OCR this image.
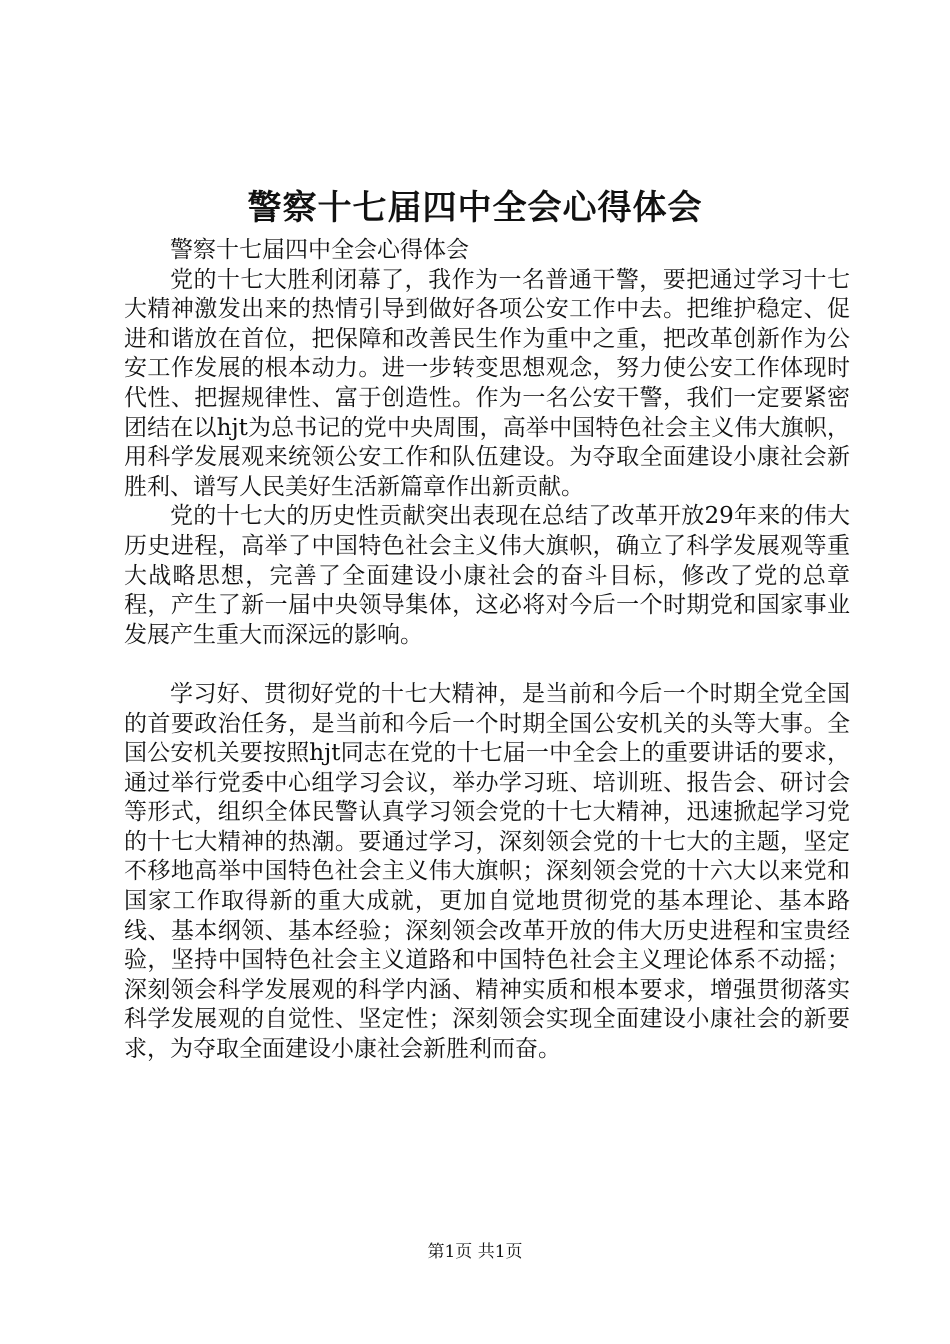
警察十七届四中全会心得体会

警察十七届四中全会心得体会

党的十七大胜利闭幕了，我作为一名普通干警，要把通过学习十七大精神激发出来的热情引导到做好各项公安工作中去。把维护稳定、促进和谐放在首位，把保障和改善民生作为重中之重，把改革创新作为公安工作发展的根本动力。进一步转变思想观念，努力使公安工作体现时代性、把握规律性、富于创造性。作为一名公安干警，我们一定要紧密团结在以hjt为总书记的党中央周围，高举中国特色社会主义伟大旗帜，用科学发展观来统领公安工作和队伍建设。为夺取全面建设小康社会新胜利、谱写人民美好生活新篇章作出新贡献。

党的十七大的历史性贡献突出表现在总结了改革开放29年来的伟大历史进程，高举了中国特色社会主义伟大旗帜，确立了科学发展观等重大战略思想，完善了全面建设小康社会的奋斗目标，修改了党的总章程，产生了新一届中央领导集体，这必将对今后一个时期党和国家事业发展产生重大而深远的影响。

学习好、贯彻好党的十七大精神，是当前和今后一个时期全党全国的首要政治任务，是当前和今后一个时期全国公安机关的头等大事。全国公安机关要按照hjt同志在党的十七届一中全会上的重要讲话的要求，通过举行党委中心组学习会议，举办学习班、培训班、报告会、研讨会等形式，组织全体民警认真学习领会党的十七大精神，迅速掀起学习党的十七大精神的热潮。要通过学习，深刻领会党的十七大的主题，坚定不移地高举中国特色社会主义伟大旗帜；深刻领会党的十六大以来党和国家工作取得新的重大成就，更加自觉地贯彻党的基本理论、基本路线、基本纲领、基本经验；深刻领会改革开放的伟大历史进程和宝贵经验，坚持中国特色社会主义道路和中国特色社会主义理论体系不动摇；深刻领会科学发展观的科学内涵、精神实质和根本要求，增强贯彻落实科学发展观的自觉性、坚定性；深刻领会实现全面建设小康社会的新要求，为夺取全面建设小康社会新胜利而奋。

第1页 共1页
